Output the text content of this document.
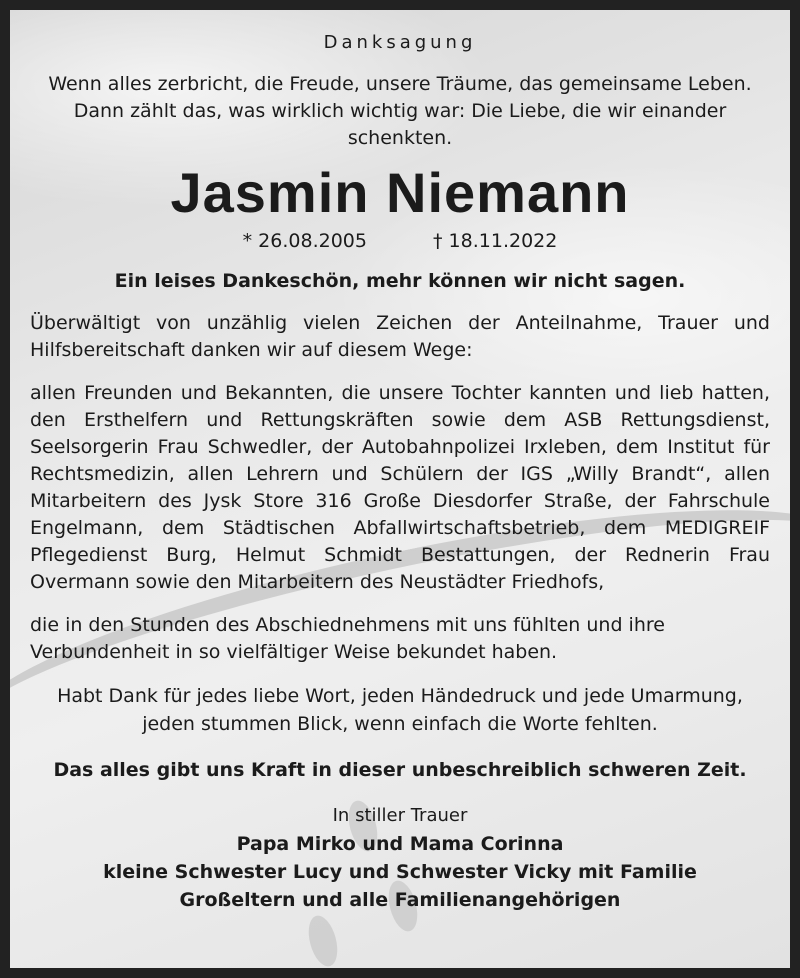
Danksagung

Wenn alles zerbricht, die Freude, unsere Träume, das gemeinsame Leben.

Dann zählt das, was wirklich wichtig war: Die Liebe, die wir einander schenkten.

Jasmin Niemann
* 26.08.2005	† 18.11.2022
Ein leises Dankeschön, mehr können wir nicht sagen.

Überwältigt von unzählig vielen Zeichen der Anteilnahme, Trauer und Hilfsbereitschaft danken wir auf diesem Wege:

allen Freunden und Bekannten, die unsere Tochter kannten und lieb hatten, den Ersthelfern und Rettungskräften sowie dem ASB Rettungsdienst, Seelsorgerin Frau Schwedler, der Autobahnpolizei Irxleben, dem Institut für Rechtsmedizin, allen Lehrern und Schülern der IGS „Willy Brandt“, allen Mitarbeitern des Jysk Store 316 Große Diesdorfer Straße, der Fahrschule Engelmann, dem Städtischen Abfallwirtschaftsbetrieb, dem MEDIGREIF Pflegedienst Burg, Helmut Schmidt Bestattungen, der Rednerin Frau Overmann sowie den Mitarbeitern des Neustädter Friedhofs,

die in den Stunden des Abschiednehmens mit uns fühlten und ihre Verbundenheit in so vielfältiger Weise bekundet haben.

Habt Dank für jedes liebe Wort, jeden Händedruck und jede Umarmung,
jeden stummen Blick, wenn einfach die Worte fehlten.
Das alles gibt uns Kraft in dieser unbeschreiblich schweren Zeit.
In stiller Trauer
Papa Mirko und Mama Corinna
kleine Schwester Lucy und Schwester Vicky mit Familie
Großeltern und alle Familienangehörigen
